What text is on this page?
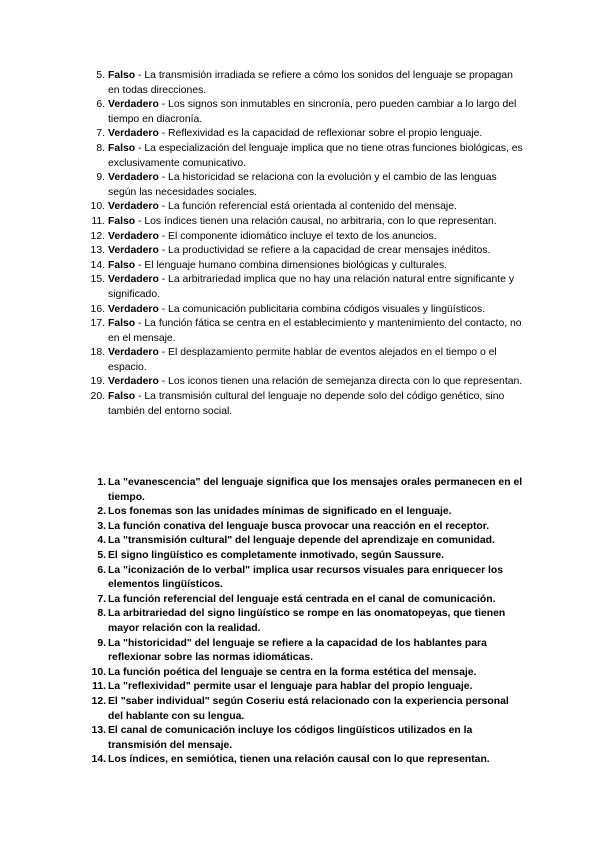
5. Falso - La transmisión irradiada se refiere a cómo los sonidos del lenguaje se propagan en todas direcciones.
6. Verdadero - Los signos son inmutables en sincronía, pero pueden cambiar a lo largo del tiempo en diacronía.
7. Verdadero - Reflexividad es la capacidad de reflexionar sobre el propio lenguaje.
8. Falso - La especialización del lenguaje implica que no tiene otras funciones biológicas, es exclusivamente comunicativo.
9. Verdadero - La historicidad se relaciona con la evolución y el cambio de las lenguas según las necesidades sociales.
10. Verdadero - La función referencial está orientada al contenido del mensaje.
11. Falso - Los índices tienen una relación causal, no arbitraria, con lo que representan.
12. Verdadero - El componente idiomático incluye el texto de los anuncios.
13. Verdadero - La productividad se refiere a la capacidad de crear mensajes inéditos.
14. Falso - El lenguaje humano combina dimensiones biológicas y culturales.
15. Verdadero - La arbitrariedad implica que no hay una relación natural entre significante y significado.
16. Verdadero - La comunicación publicitaria combina códigos visuales y lingüísticos.
17. Falso - La función fática se centra en el establecimiento y mantenimiento del contacto, no en el mensaje.
18. Verdadero - El desplazamiento permite hablar de eventos alejados en el tiempo o el espacio.
19. Verdadero - Los iconos tienen una relación de semejanza directa con lo que representan.
20. Falso - La transmisión cultural del lenguaje no depende solo del código genético, sino también del entorno social.
1. La "evanescencia" del lenguaje significa que los mensajes orales permanecen en el tiempo.
2. Los fonemas son las unidades mínimas de significado en el lenguaje.
3. La función conativa del lenguaje busca provocar una reacción en el receptor.
4. La "transmisión cultural" del lenguaje depende del aprendizaje en comunidad.
5. El signo lingüístico es completamente inmotivado, según Saussure.
6. La "iconización de lo verbal" implica usar recursos visuales para enriquecer los elementos lingüísticos.
7. La función referencial del lenguaje está centrada en el canal de comunicación.
8. La arbitrariedad del signo lingüístico se rompe en las onomatopeyas, que tienen mayor relación con la realidad.
9. La "historicidad" del lenguaje se refiere a la capacidad de los hablantes para reflexionar sobre las normas idiomáticas.
10. La función poética del lenguaje se centra en la forma estética del mensaje.
11. La "reflexividad" permite usar el lenguaje para hablar del propio lenguaje.
12. El "saber individual" según Coseriu está relacionado con la experiencia personal del hablante con su lengua.
13. El canal de comunicación incluye los códigos lingüísticos utilizados en la transmisión del mensaje.
14. Los índices, en semiótica, tienen una relación causal con lo que representan.
